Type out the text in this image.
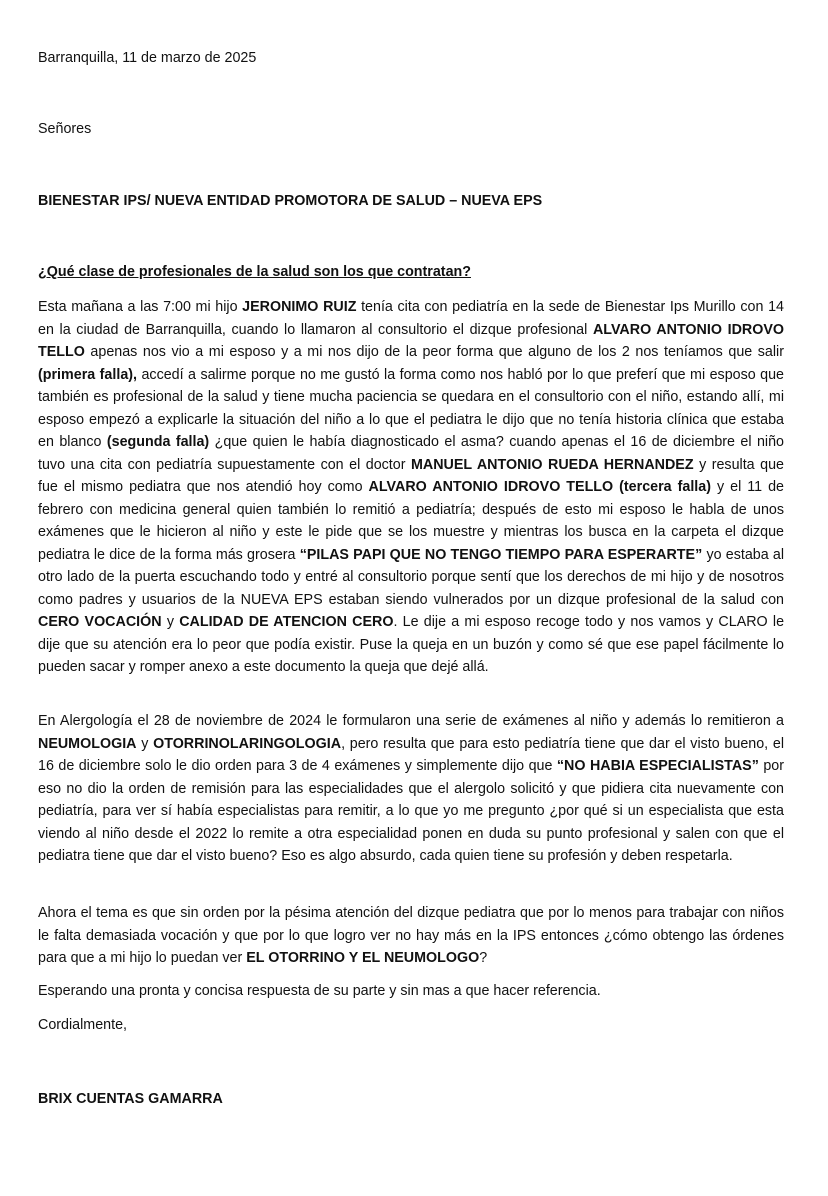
Barranquilla, 11 de marzo de 2025
Señores
BIENESTAR IPS/ NUEVA ENTIDAD PROMOTORA DE SALUD – NUEVA EPS
¿Qué clase de profesionales de la salud son los que contratan?

Esta mañana a las 7:00 mi hijo JERONIMO RUIZ tenía cita con pediatría en la sede de Bienestar Ips Murillo con 14 en la ciudad de Barranquilla, cuando lo llamaron al consultorio el dizque profesional ALVARO ANTONIO IDROVO TELLO apenas nos vio a mi esposo y a mi nos dijo de la peor forma que alguno de los 2 nos teníamos que salir (primera falla), accedí a salirme porque no me gustó la forma como nos habló por lo que preferí que mi esposo que también es profesional de la salud y tiene mucha paciencia se quedara en el consultorio con el niño, estando allí, mi esposo empezó a explicarle la situación del niño a lo que el pediatra le dijo que no tenía historia clínica que estaba en blanco (segunda falla) ¿que quien le había diagnosticado el asma? cuando apenas el 16 de diciembre el niño tuvo una cita con pediatría supuestamente con el doctor MANUEL ANTONIO RUEDA HERNANDEZ y resulta que fue el mismo pediatra que nos atendió hoy como ALVARO ANTONIO IDROVO TELLO (tercera falla) y el 11 de febrero con medicina general quien también lo remitió a pediatría; después de esto mi esposo le habla de unos exámenes que le hicieron al niño y este le pide que se los muestre y mientras los busca en la carpeta el dizque pediatra le dice de la forma más grosera “PILAS PAPI QUE NO TENGO TIEMPO PARA ESPERARTE” yo estaba al otro lado de la puerta escuchando todo y entré al consultorio porque sentí que los derechos de mi hijo y de nosotros como padres y usuarios de la NUEVA EPS estaban siendo vulnerados por un dizque profesional de la salud con CERO VOCACIÓN y CALIDAD DE ATENCION CERO. Le dije a mi esposo recoge todo y nos vamos y CLARO le dije que su atención era lo peor que podía existir. Puse la queja en un buzón y como sé que ese papel fácilmente lo pueden sacar y romper anexo a este documento la queja que dejé allá.

En Alergología el 28 de noviembre de 2024 le formularon una serie de exámenes al niño y además lo remitieron a NEUMOLOGIA y OTORRINOLARINGOLOGIA, pero resulta que para esto pediatría tiene que dar el visto bueno, el 16 de diciembre solo le dio orden para 3 de 4 exámenes y simplemente dijo que “NO HABIA ESPECIALISTAS” por eso no dio la orden de remisión para las especialidades que el alergolo solicitó y que pidiera cita nuevamente con pediatría, para ver sí había especialistas para remitir, a lo que yo me pregunto ¿por qué si un especialista que esta viendo al niño desde el 2022 lo remite a otra especialidad ponen en duda su punto profesional y salen con que el pediatra tiene que dar el visto bueno? Eso es algo absurdo, cada quien tiene su profesión y deben respetarla.

Ahora el tema es que sin orden por la pésima atención del dizque pediatra que por lo menos para trabajar con niños le falta demasiada vocación y que por lo que logro ver no hay más en la IPS entonces ¿cómo obtengo las órdenes para que a mi hijo lo puedan ver EL OTORRINO Y EL NEUMOLOGO?

Esperando una pronta y concisa respuesta de su parte y sin mas a que hacer referencia.
Cordialmente,
BRIX CUENTAS GAMARRA
